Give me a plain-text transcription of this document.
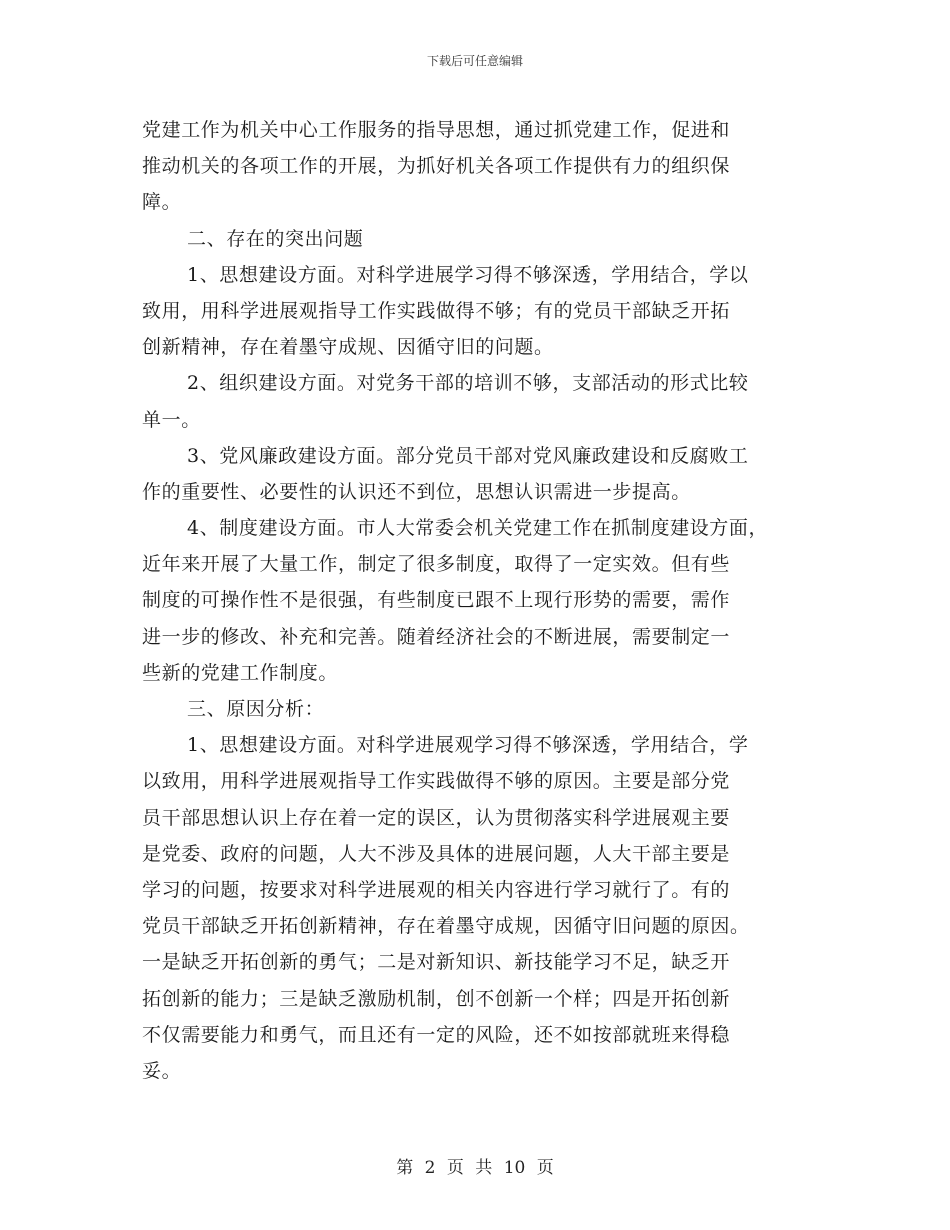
下载后可任意编辑
党建工作为机关中心工作服务的指导思想，通过抓党建工作，促进和
推动机关的各项工作的开展，为抓好机关各项工作提供有力的组织保
障。
二、存在的突出问题
1、思想建设方面。对科学进展学习得不够深透，学用结合，学以
致用，用科学进展观指导工作实践做得不够；有的党员干部缺乏开拓
创新精神，存在着墨守成规、因循守旧的问题。
2、组织建设方面。对党务干部的培训不够，支部活动的形式比较
单一。
3、党风廉政建设方面。部分党员干部对党风廉政建设和反腐败工
作的重要性、必要性的认识还不到位，思想认识需进一步提高。
4、制度建设方面。市人大常委会机关党建工作在抓制度建设方面，
近年来开展了大量工作，制定了很多制度，取得了一定实效。但有些
制度的可操作性不是很强，有些制度已跟不上现行形势的需要，需作
进一步的修改、补充和完善。随着经济社会的不断进展，需要制定一
些新的党建工作制度。
三、原因分析：
1、思想建设方面。对科学进展观学习得不够深透，学用结合，学
以致用，用科学进展观指导工作实践做得不够的原因。主要是部分党
员干部思想认识上存在着一定的误区，认为贯彻落实科学进展观主要
是党委、政府的问题，人大不涉及具体的进展问题，人大干部主要是
学习的问题，按要求对科学进展观的相关内容进行学习就行了。有的
党员干部缺乏开拓创新精神，存在着墨守成规，因循守旧问题的原因。
一是缺乏开拓创新的勇气；二是对新知识、新技能学习不足，缺乏开
拓创新的能力；三是缺乏激励机制，创不创新一个样；四是开拓创新
不仅需要能力和勇气，而且还有一定的风险，还不如按部就班来得稳
妥。
第 2 页 共 10 页
